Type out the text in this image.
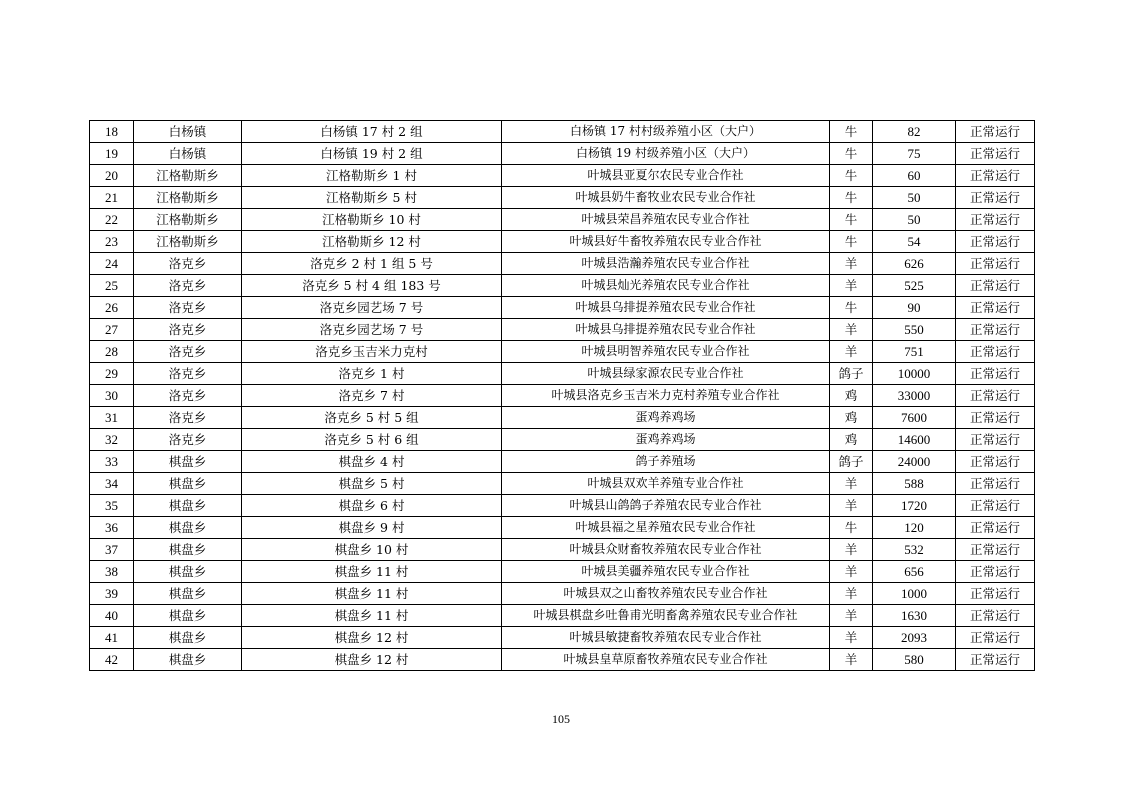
18	白杨镇	白杨镇 17 村 2 组	白杨镇 17 村村级养殖小区（大户）	牛	82	正常运行
19	白杨镇	白杨镇 19 村 2 组	白杨镇 19 村级养殖小区（大户）	牛	75	正常运行
20	江格勒斯乡	江格勒斯乡 1 村	叶城县亚夏尔农民专业合作社	牛	60	正常运行
21	江格勒斯乡	江格勒斯乡 5 村	叶城县奶牛畜牧业农民专业合作社	牛	50	正常运行
22	江格勒斯乡	江格勒斯乡 10 村	叶城县荣昌养殖农民专业合作社	牛	50	正常运行
23	江格勒斯乡	江格勒斯乡 12 村	叶城县好牛畜牧养殖农民专业合作社	牛	54	正常运行
24	洛克乡	洛克乡 2 村 1 组 5 号	叶城县浩瀚养殖农民专业合作社	羊	626	正常运行
25	洛克乡	洛克乡 5 村 4 组 183 号	叶城县灿光养殖农民专业合作社	羊	525	正常运行
26	洛克乡	洛克乡园艺场 7 号	叶城县乌排提养殖农民专业合作社	牛	90	正常运行
27	洛克乡	洛克乡园艺场 7 号	叶城县乌排提养殖农民专业合作社	羊	550	正常运行
28	洛克乡	洛克乡玉吉米力克村	叶城县明智养殖农民专业合作社	羊	751	正常运行
29	洛克乡	洛克乡 1 村	叶城县绿家源农民专业合作社	鸽子	10000	正常运行
30	洛克乡	洛克乡 7 村	叶城县洛克乡玉吉米力克村养殖专业合作社	鸡	33000	正常运行
31	洛克乡	洛克乡 5 村 5 组	蛋鸡养鸡场	鸡	7600	正常运行
32	洛克乡	洛克乡 5 村 6 组	蛋鸡养鸡场	鸡	14600	正常运行
33	棋盘乡	棋盘乡 4 村	鸽子养殖场	鸽子	24000	正常运行
34	棋盘乡	棋盘乡 5 村	叶城县双欢羊养殖专业合作社	羊	588	正常运行
35	棋盘乡	棋盘乡 6 村	叶城县山鸽鸽子养殖农民专业合作社	羊	1720	正常运行
36	棋盘乡	棋盘乡 9 村	叶城县福之星养殖农民专业合作社	牛	120	正常运行
37	棋盘乡	棋盘乡 10 村	叶城县众财畜牧养殖农民专业合作社	羊	532	正常运行
38	棋盘乡	棋盘乡 11 村	叶城县美疆养殖农民专业合作社	羊	656	正常运行
39	棋盘乡	棋盘乡 11 村	叶城县双之山畜牧养殖农民专业合作社	羊	1000	正常运行
40	棋盘乡	棋盘乡 11 村	叶城县棋盘乡吐鲁甫光明畜禽养殖农民专业合作社	羊	1630	正常运行
41	棋盘乡	棋盘乡 12 村	叶城县敏捷畜牧养殖农民专业合作社	羊	2093	正常运行
42	棋盘乡	棋盘乡 12 村	叶城县皇草原畜牧养殖农民专业合作社	羊	580	正常运行
105
